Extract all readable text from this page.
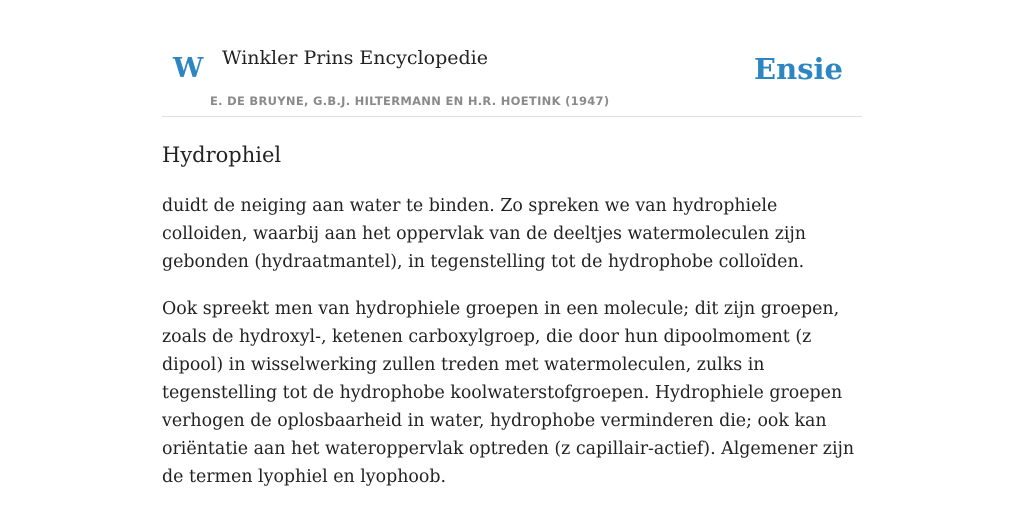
W Winkler Prins Encyclopedie
E. DE BRUYNE, G.B.J. HILTERMANN EN H.R. HOETINK (1947)
Ensie
Hydrophiel

duidt de neiging aan water te binden. Zo spreken we van hydrophiele colloiden, waarbij aan het oppervlak van de deeltjes watermoleculen zijn gebonden (hydraatmantel), in tegenstelling tot de hydrophobe colloïden.

Ook spreekt men van hydrophiele groepen in een molecule; dit zijn groepen, zoals de hydroxyl-, ketenen carboxylgroep, die door hun dipoolmoment (z dipool) in wisselwerking zullen treden met watermoleculen, zulks in tegenstelling tot de hydrophobe koolwaterstofgroepen. Hydrophiele groepen verhogen de oplosbaarheid in water, hydrophobe verminderen die; ook kan oriëntatie aan het wateroppervlak optreden (z capillair-actief). Algemener zijn de termen lyophiel en lyophoob.
